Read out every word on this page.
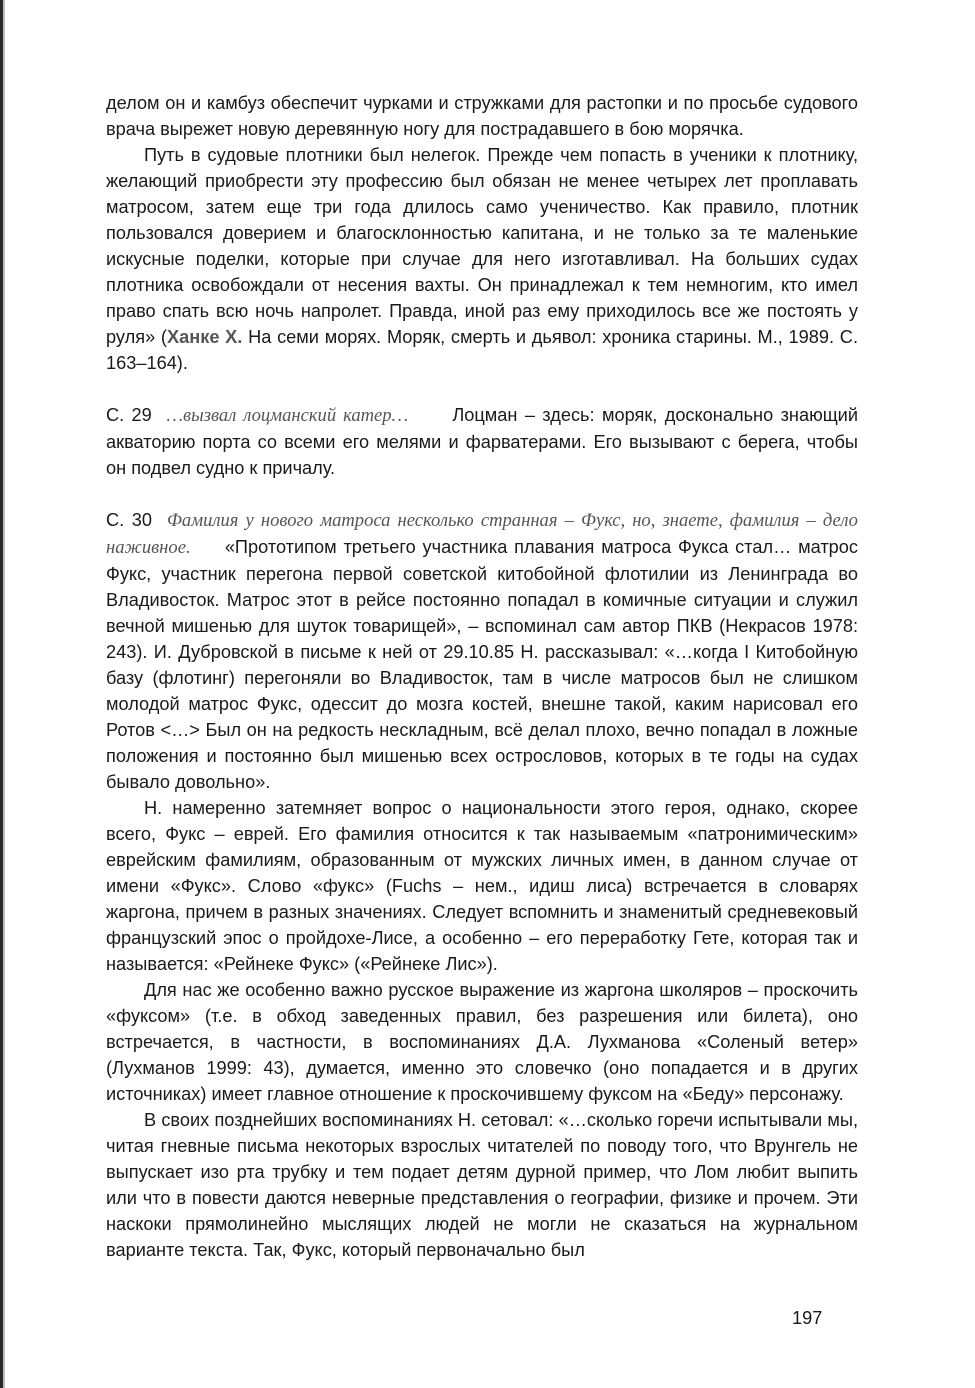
делом он и камбуз обеспечит чурками и стружками для растопки и по просьбе судового врача вырежет новую деревянную ногу для пострадавшего в бою морячка.

Путь в судовые плотники был нелегок. Прежде чем попасть в ученики к плотнику, желающий приобрести эту профессию был обязан не менее четырех лет проплавать матросом, затем еще три года длилось само ученичество. Как правило, плотник пользовался доверием и благосклонностью капитана, и не только за те маленькие искусные поделки, которые при случае для него изготавливал. На больших судах плотника освобождали от несения вахты. Он принадлежал к тем немногим, кто имел право спать всю ночь напролет. Правда, иной раз ему приходилось все же постоять у руля» (Ханке Х. На семи морях. Моряк, смерть и дьявол: хроника старины. М., 1989. С. 163–164).

С. 29 …вызвал лоцманский катер… Лоцман – здесь: моряк, досконально знающий акваторию порта со всеми его мелями и фарватерами. Его вызывают с берега, чтобы он подвел судно к причалу.

С. 30 Фамилия у нового матроса несколько странная – Фукс, но, знаете, фамилия – дело наживное. «Прототипом третьего участника плавания матроса Фукса стал… матрос Фукс, участник перегона первой советской китобойной флотилии из Ленинграда во Владивосток. Матрос этот в рейсе постоянно попадал в комичные ситуации и служил вечной мишенью для шуток товарищей», – вспоминал сам автор ПКВ (Некрасов 1978: 243). И. Дубровской в письме к ней от 29.10.85 Н. рассказывал: «…когда I Китобойную базу (флотинг) перегоняли во Владивосток, там в числе матросов был не слишком молодой матрос Фукс, одессит до мозга костей, внешне такой, каким нарисовал его Ротов <…> Был он на редкость нескладным, всё делал плохо, вечно попадал в ложные положения и постоянно был мишенью всех острословов, которых в те годы на судах бывало довольно».

Н. намеренно затемняет вопрос о национальности этого героя, однако, скорее всего, Фукс – еврей. Его фамилия относится к так называемым «патронимическим» еврейским фамилиям, образованным от мужских личных имен, в данном случае от имени «Фукс». Слово «фукс» (Fuchs – нем., идиш лиса) встречается в словарях жаргона, причем в разных значениях. Следует вспомнить и знаменитый средневековый французский эпос о пройдохе-Лисе, а особенно – его переработку Гете, которая так и называется: «Рейнеке Фукс» («Рейнеке Лис»).

Для нас же особенно важно русское выражение из жаргона школяров – проскочить «фуксом» (т.е. в обход заведенных правил, без разрешения или билета), оно встречается, в частности, в воспоминаниях Д.А. Лухманова «Соленый ветер» (Лухманов 1999: 43), думается, именно это словечко (оно попадается и в других источниках) имеет главное отношение к проскочившему фуксом на «Беду» персонажу.

В своих позднейших воспоминаниях Н. сетовал: «…сколько горечи испытывали мы, читая гневные письма некоторых взрослых читателей по поводу того, что Врунгель не выпускает изо рта трубку и тем подает детям дурной пример, что Лом любит выпить или что в повести даются неверные представления о географии, физике и прочем. Эти наскоки прямолинейно мыслящих людей не могли не сказаться на журнальном варианте текста. Так, Фукс, который первоначально был

197
